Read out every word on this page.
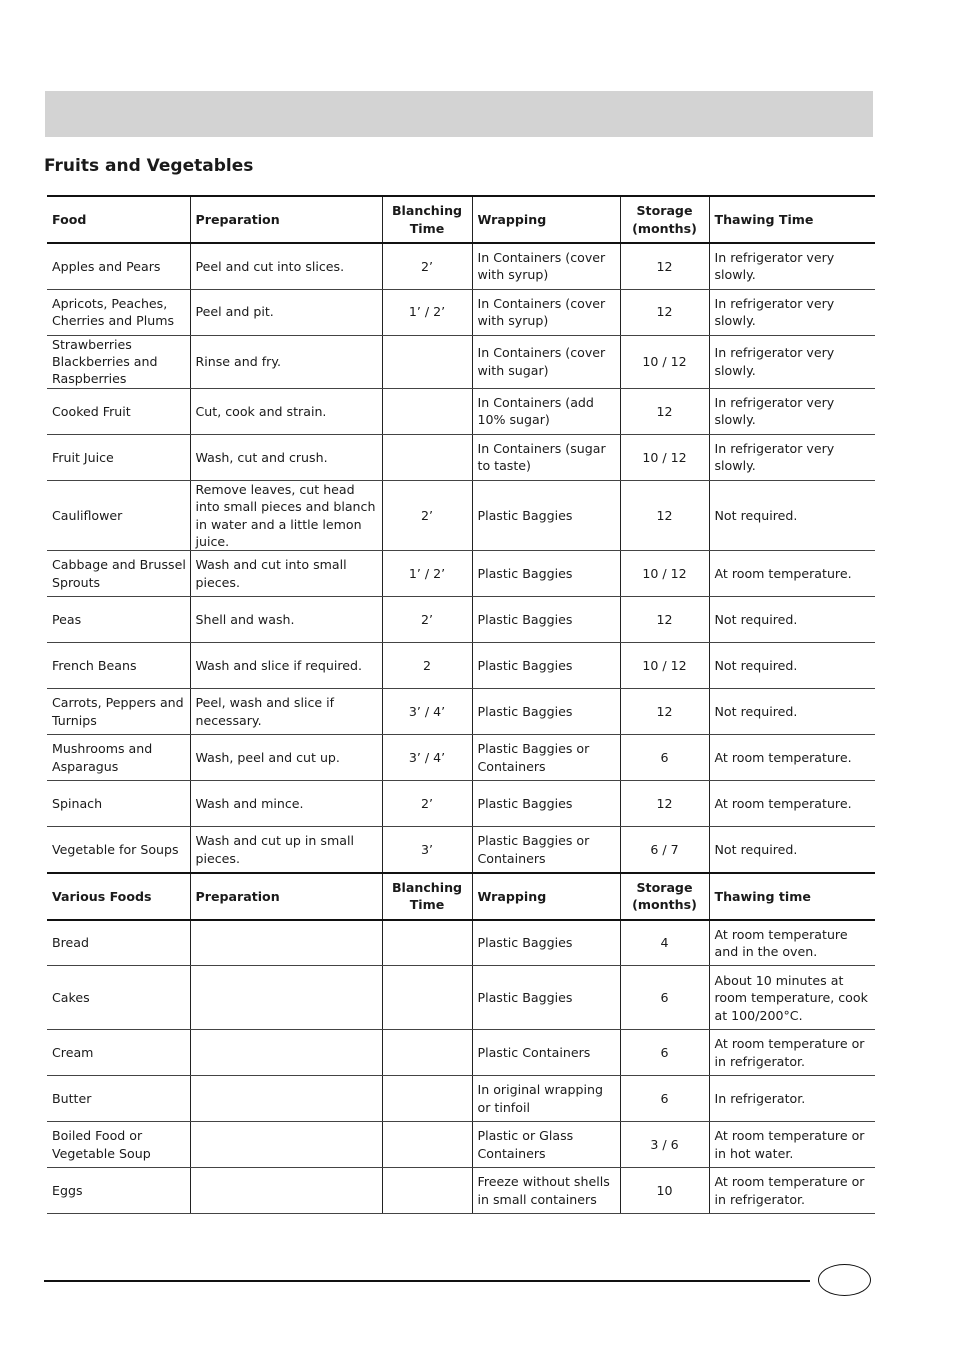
Fruits and Vegetables
Food	Preparation	Blanching Time	Wrapping	Storage (months)	Thawing Time
Apples and Pears	Peel and cut into slices.	2’	In Containers (cover with syrup)	12	In refrigerator very slowly.
Apricots, Peaches, Cherries and Plums	Peel and pit.	1’ / 2’	In Containers (cover with syrup)	12	In refrigerator very slowly.
Strawberries Blackberries and Raspberries	Rinse and fry.		In Containers (cover with sugar)	10 / 12	In refrigerator very slowly.
Cooked Fruit	Cut, cook and strain.		In Containers (add 10% sugar)	12	In refrigerator very slowly.
Fruit Juice	Wash, cut and crush.		In Containers (sugar to taste)	10 / 12	In refrigerator very slowly.
Cauliflower	Remove leaves, cut head into small pieces and blanch in water and a little lemon juice.	2’	Plastic Baggies	12	Not required.
Cabbage and Brussel Sprouts	Wash and cut into small pieces.	1’ / 2’	Plastic Baggies	10 / 12	At room temperature.
Peas	Shell and wash.	2’	Plastic Baggies	12	Not required.
French Beans	Wash and slice if required.	2	Plastic Baggies	10 / 12	Not required.
Carrots, Peppers and Turnips	Peel, wash and slice if necessary.	3’ / 4’	Plastic Baggies	12	Not required.
Mushrooms and Asparagus	Wash, peel and cut up.	3’ / 4’	Plastic Baggies or Containers	6	At room temperature.
Spinach	Wash and mince.	2’	Plastic Baggies	12	At room temperature.
Vegetable for Soups	Wash and cut up in small pieces.	3’	Plastic Baggies or Containers	6 / 7	Not required.
Various Foods	Preparation	Blanching Time	Wrapping	Storage (months)	Thawing time
Bread			Plastic Baggies	4	At room temperature and in the oven.
Cakes			Plastic Baggies	6	About 10 minutes at room temperature, cook at 100/200°C.
Cream			Plastic Containers	6	At room temperature or in refrigerator.
Butter			In original wrapping or tinfoil	6	In refrigerator.
Boiled Food or Vegetable Soup			Plastic or Glass Containers	3 / 6	At room temperature or in hot water.
Eggs			Freeze without shells in small containers	10	At room temperature or in refrigerator.
